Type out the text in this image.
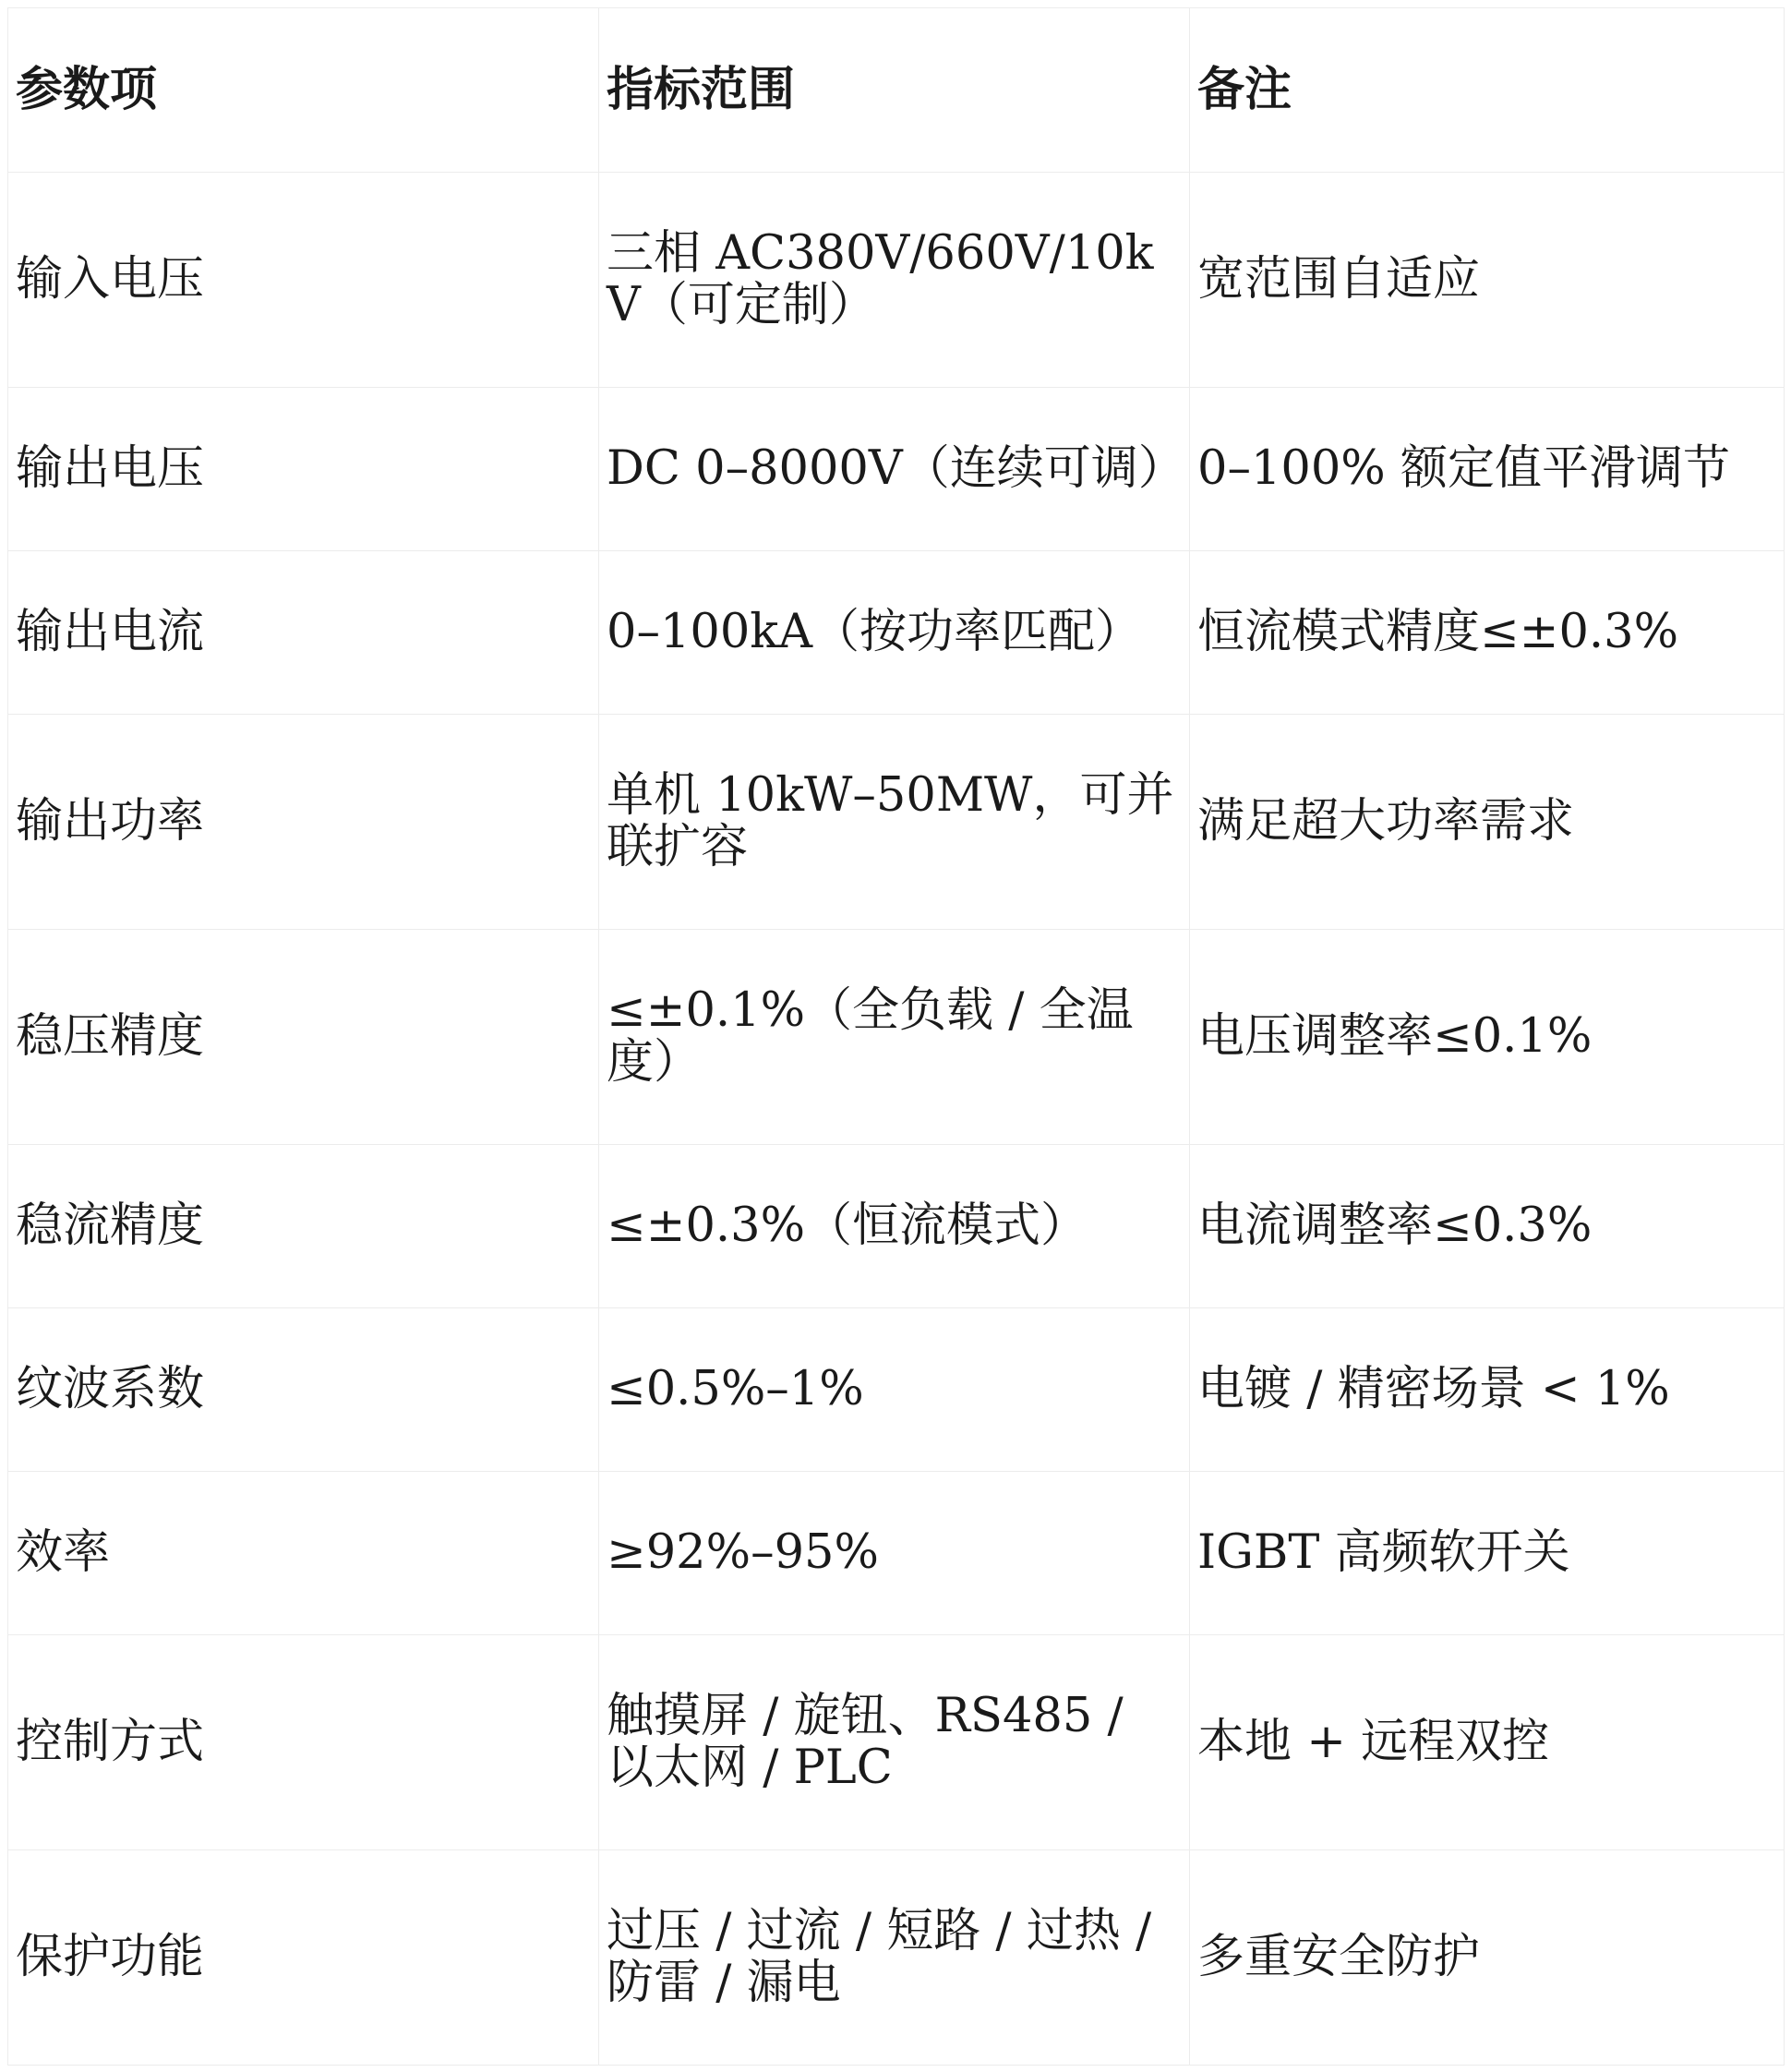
参数项	指标范围	备注
输入电压	三相 AC380V/660V/10kV（可定制）	宽范围自适应
输出电压	DC 0–8000V（连续可调）	0–100% 额定值平滑调节
输出电流	0–100kA（按功率匹配）	恒流模式精度≤±0.3%
输出功率	单机 10kW–50MW，可并联扩容	满足超大功率需求
稳压精度	≤±0.1%（全负载 / 全温度）	电压调整率≤0.1%
稳流精度	≤±0.3%（恒流模式）	电流调整率≤0.3%
纹波系数	≤0.5%–1%	电镀 / 精密场景 < 1%
效率	≥92%–95%	IGBT 高频软开关
控制方式	触摸屏 / 旋钮、RS485 / 以太网 / PLC	本地 + 远程双控
保护功能	过压 / 过流 / 短路 / 过热 / 防雷 / 漏电	多重安全防护
